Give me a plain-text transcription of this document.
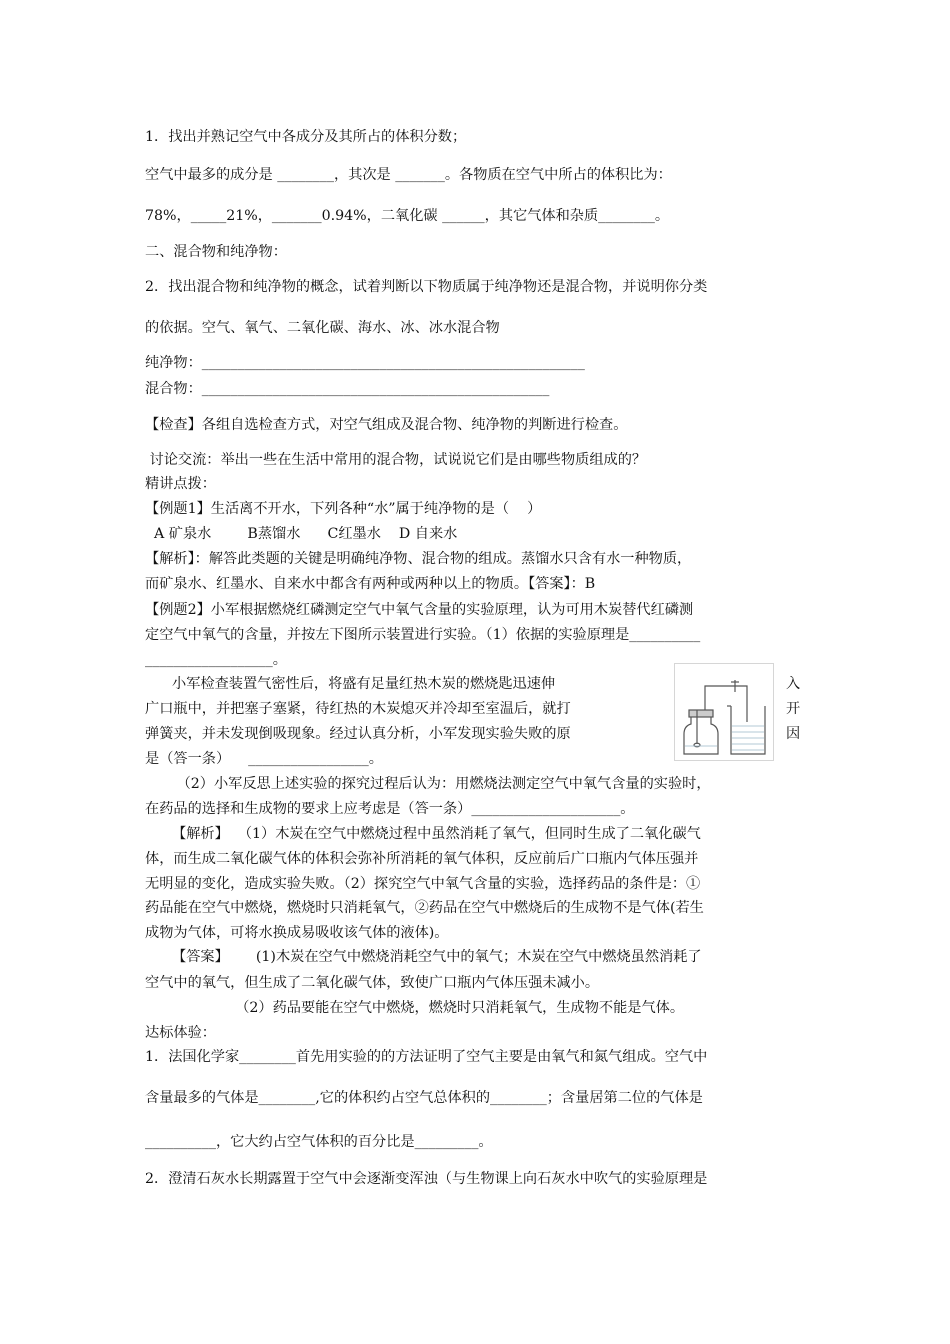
1．找出并熟记空气中各成分及其所占的体积分数；
空气中最多的成分是 ________，其次是 _______。各物质在空气中所占的体积比为：
78%，_____21%，_______0.94%，二氧化碳 ______，其它气体和杂质________。
二、混合物和纯净物：
2．找出混合物和纯净物的概念，试着判断以下物质属于纯净物还是混合物，并说明你分类
的依据。空气、氧气、二氧化碳、海水、冰、冰水混合物
纯净物：______________________________________________________
混合物：_________________________________________________
【检查】各组自选检查方式，对空气组成及混合物、纯净物的判断进行检查。
讨论交流：举出一些在生活中常用的混合物，试说说它们是由哪些物质组成的？
精讲点拨：
【例题1】生活离不开水，下列各种“水”属于纯净物的是（    ）
A 矿泉水        B蒸馏水      C红墨水    D 自来水
【解析】：解答此类题的关键是明确纯净物、混合物的组成。蒸馏水只含有水一种物质，
而矿泉水、红墨水、自来水中都含有两种或两种以上的物质。【答案】：B
【例题2】小军根据燃烧红磷测定空气中氧气含量的实验原理，认为可用木炭替代红磷测
定空气中氧气的含量，并按左下图所示装置进行实验。（1）依据的实验原理是__________
__________________。
小军检查装置气密性后，将盛有足量红热木炭的燃烧匙迅速伸
广口瓶中，并把塞子塞紧，待红热的木炭熄灭并冷却至室温后，就打
弹簧夹，并未发现倒吸现象。经过认真分析，小军发现实验失败的原
是（答一条）    _________________。
（2）小军反思上述实验的探究过程后认为：用燃烧法测定空气中氧气含量的实验时，
在药品的选择和生成物的要求上应考虑是（答一条）_____________________。
【解析】  （1）木炭在空气中燃烧过程中虽然消耗了氧气，但同时生成了二氧化碳气
体，而生成二氧化碳气体的体积会弥补所消耗的氧气体积，反应前后广口瓶内气体压强并
无明显的变化，造成实验失败。（2）探究空气中氧气含量的实验，选择药品的条件是：①
药品能在空气中燃烧，燃烧时只消耗氧气，②药品在空气中燃烧后的生成物不是气体(若生
成物为气体，可将水换成易吸收该气体的液体)。
【答案】      (1)木炭在空气中燃烧消耗空气中的氧气；木炭在空气中燃烧虽然消耗了
空气中的氧气，但生成了二氧化碳气体，致使广口瓶内气体压强未减小。
（2）药品要能在空气中燃烧，燃烧时只消耗氧气，生成物不能是气体。
达标体验：
1．法国化学家________首先用实验的的方法证明了空气主要是由氧气和氮气组成。空气中
含量最多的气体是________,它的体积约占空气总体积的________；含量居第二位的气体是
__________，它大约占空气体积的百分比是_________。
2．澄清石灰水长期露置于空气中会逐渐变浑浊（与生物课上向石灰水中吹气的实验原理是
入
开
因
